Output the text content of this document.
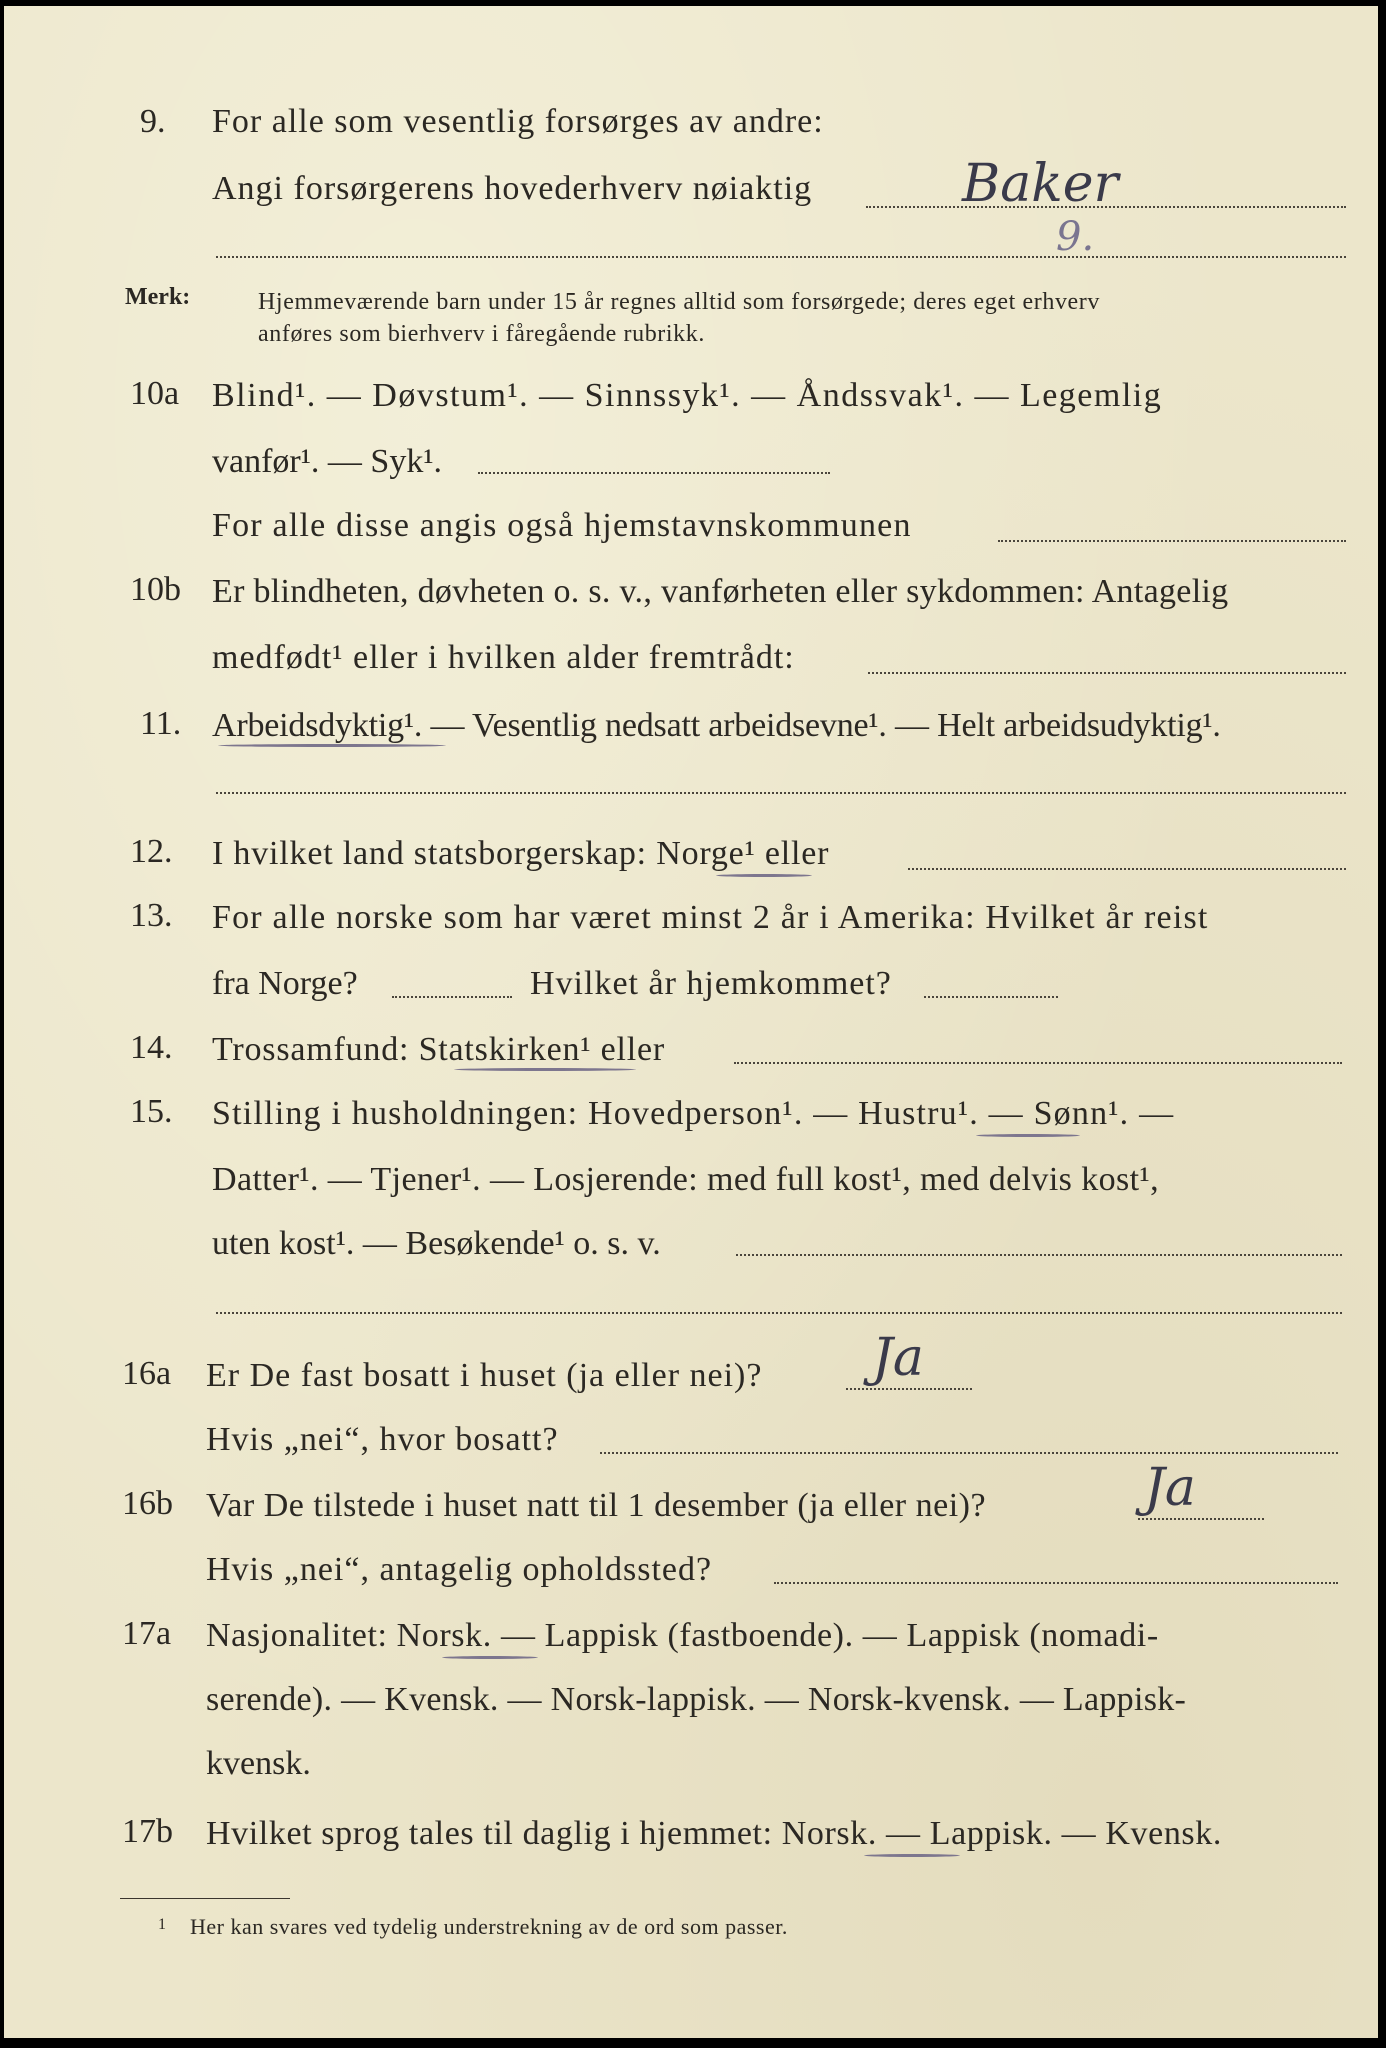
9. For alle som vesentlig forsørges av andre:
Angi forsørgerens hovederhverv nøiaktig	Baker
9.
Merk:	Hjemmeværende barn under 15 år regnes alltid som forsørgede; deres eget erhverv
anføres som bierhverv i fåregående rubrikk.
10a Blind¹. — Døvstum¹. — Sinnssyk¹. — Åndssvak¹. — Legemlig
vanfør¹. — Syk¹.
For alle disse angis også hjemstavnskommunen
10b Er blindheten, døvheten o. s. v., vanførheten eller sykdommen: Antagelig
medfødt¹ eller i hvilken alder fremtrådt:
11. Arbeidsdyktig¹. — Vesentlig nedsatt arbeidsevne¹. — Helt arbeidsudyktig¹.
12. I hvilket land statsborgerskap: Norge¹ eller
13. For alle norske som har været minst 2 år i Amerika: Hvilket år reist
fra Norge?	Hvilket år hjemkommet?
14. Trossamfund: Statskirken¹ eller
15. Stilling i husholdningen: Hovedperson¹. — Hustru¹. — Sønn¹. —
Datter¹. — Tjener¹. — Losjerende: med full kost¹, med delvis kost¹,
uten kost¹. — Besøkende¹ o. s. v.
16a Er De fast bosatt i huset (ja eller nei)? Ja
Hvis „nei“, hvor bosatt?
16b Var De tilstede i huset natt til 1 desember (ja eller nei)?	Ja
Hvis „nei“, antagelig opholdssted?
17a Nasjonalitet: Norsk. — Lappisk (fastboende). — Lappisk (nomadi-
serende). — Kvensk. — Norsk-lappisk. — Norsk-kvensk. — Lappisk-
kvensk.
17b Hvilket sprog tales til daglig i hjemmet: Norsk. — Lappisk. — Kvensk.
1 Her kan svares ved tydelig understrekning av de ord som passer.
